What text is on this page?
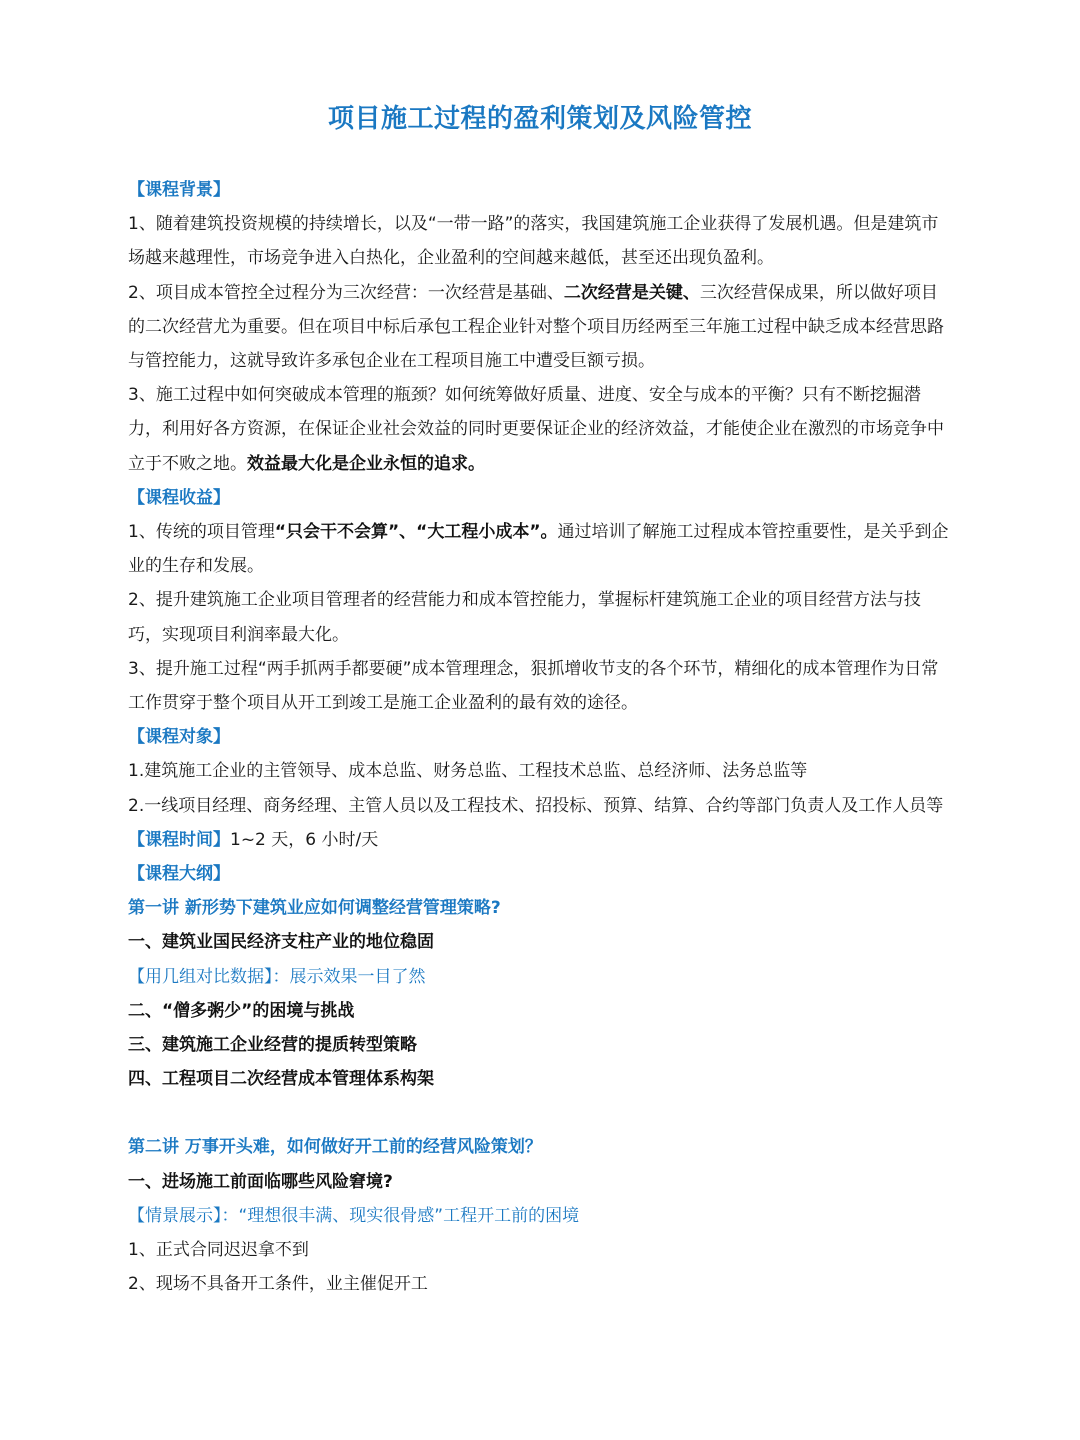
项目施工过程的盈利策划及风险管控

【课程背景】

1、随着建筑投资规模的持续增长，以及“一带一路”的落实，我国建筑施工企业获得了发展机遇。但是建筑市场越来越理性，市场竞争进入白热化，企业盈利的空间越来越低，甚至还出现负盈利。

2、项目成本管控全过程分为三次经营：一次经营是基础、二次经营是关键、三次经营保成果，所以做好项目的二次经营尤为重要。但在项目中标后承包工程企业针对整个项目历经两至三年施工过程中缺乏成本经营思路与管控能力，这就导致许多承包企业在工程项目施工中遭受巨额亏损。

3、施工过程中如何突破成本管理的瓶颈？如何统筹做好质量、进度、安全与成本的平衡？只有不断挖掘潜力，利用好各方资源，在保证企业社会效益的同时更要保证企业的经济效益，才能使企业在激烈的市场竞争中立于不败之地。效益最大化是企业永恒的追求。

【课程收益】

1、传统的项目管理“只会干不会算”、“大工程小成本”。通过培训了解施工过程成本管控重要性，是关乎到企业的生存和发展。

2、提升建筑施工企业项目管理者的经营能力和成本管控能力，掌握标杆建筑施工企业的项目经营方法与技巧，实现项目利润率最大化。

3、提升施工过程“两手抓两手都要硬”成本管理理念，狠抓增收节支的各个环节，精细化的成本管理作为日常工作贯穿于整个项目从开工到竣工是施工企业盈利的最有效的途径。

【课程对象】

1.建筑施工企业的主管领导、成本总监、财务总监、工程技术总监、总经济师、法务总监等

2.一线项目经理、商务经理、主管人员以及工程技术、招投标、预算、结算、合约等部门负责人及工作人员等

【课程时间】1~2 天，6 小时/天

【课程大纲】

第一讲 新形势下建筑业应如何调整经营管理策略?

一、建筑业国民经济支柱产业的地位稳固

【用几组对比数据】：展示效果一目了然

二、“僧多粥少”的困境与挑战

三、建筑施工企业经营的提质转型策略

四、工程项目二次经营成本管理体系构架

第二讲 万事开头难，如何做好开工前的经营风险策划？

一、进场施工前面临哪些风险窘境?

【情景展示】：“理想很丰满、现实很骨感”工程开工前的困境

1、正式合同迟迟拿不到

2、现场不具备开工条件，业主催促开工
